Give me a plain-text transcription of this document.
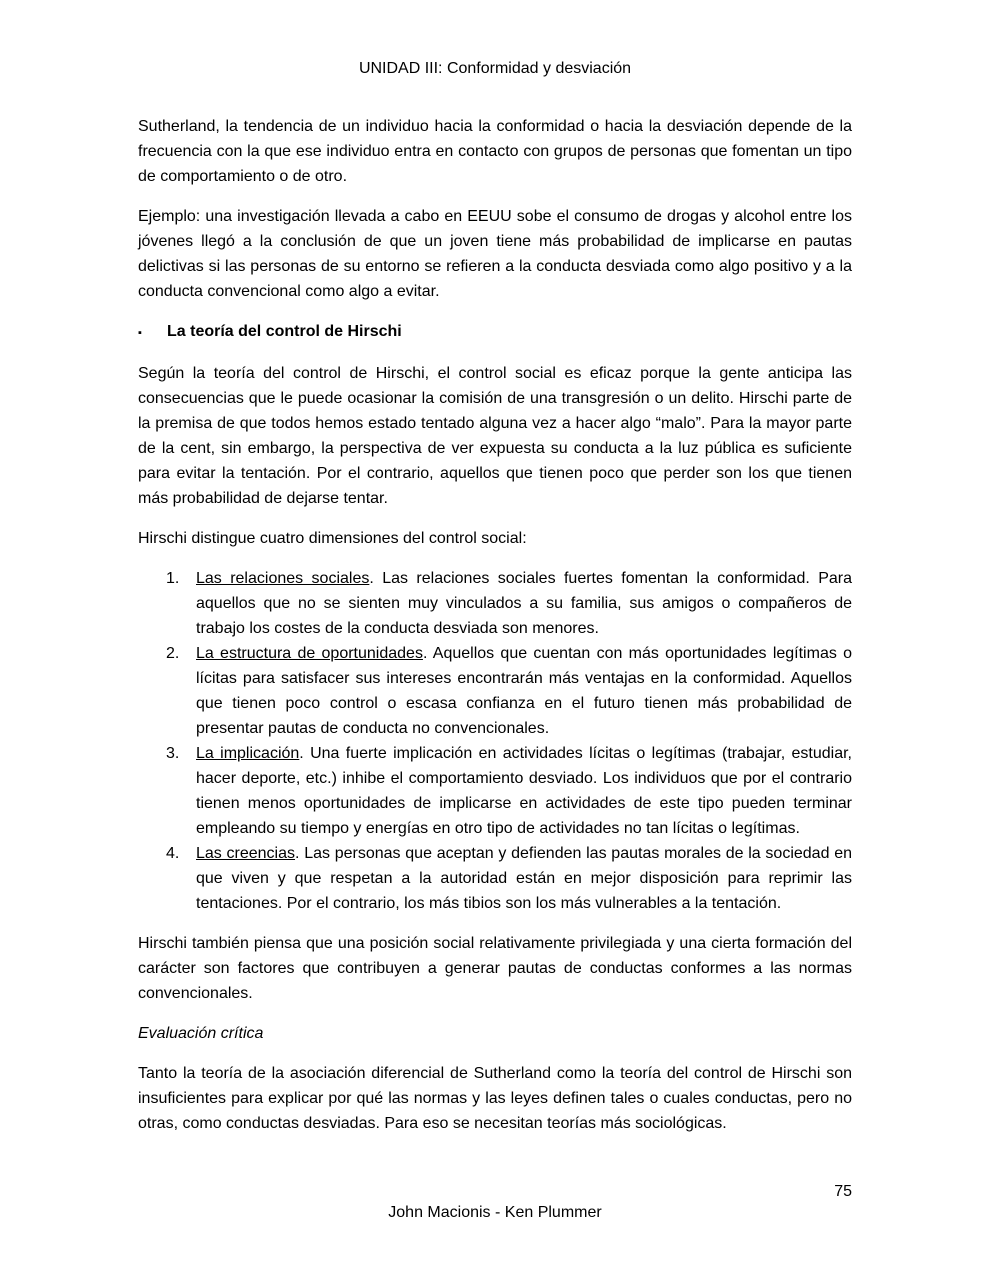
UNIDAD III: Conformidad y desviación

Sutherland, la tendencia de un individuo hacia la conformidad o hacia la desviación depende de la frecuencia con la que ese individuo entra en contacto con grupos de personas que fomentan un tipo de comportamiento o de otro.

Ejemplo: una investigación llevada a cabo en EEUU sobe el consumo de drogas y alcohol entre los jóvenes llegó a la conclusión de que un joven tiene más probabilidad de implicarse en pautas delictivas si las personas de su entorno se refieren a la conducta desviada como algo positivo y a la conducta convencional como algo a evitar.

▪	La teoría del control de Hirschi

Según la teoría del control de Hirschi, el control social es eficaz porque la gente anticipa las consecuencias que le puede ocasionar la comisión de una transgresión o un delito. Hirschi parte de la premisa de que todos hemos estado tentado alguna vez a hacer algo “malo”. Para la mayor parte de la cent, sin embargo, la perspectiva de ver expuesta su conducta a la luz pública es suficiente para evitar la tentación. Por el contrario, aquellos que tienen poco que perder son los que tienen más probabilidad de dejarse tentar.

Hirschi distingue cuatro dimensiones del control social:

1. Las relaciones sociales. Las relaciones sociales fuertes fomentan la conformidad. Para aquellos que no se sienten muy vinculados a su familia, sus amigos o compañeros de trabajo los costes de la conducta desviada son menores.
2. La estructura de oportunidades. Aquellos que cuentan con más oportunidades legítimas o lícitas para satisfacer sus intereses encontrarán más ventajas en la conformidad. Aquellos que tienen poco control o escasa confianza en el futuro tienen más probabilidad de presentar pautas de conducta no convencionales.
3. La implicación. Una fuerte implicación en actividades lícitas o legítimas (trabajar, estudiar, hacer deporte, etc.) inhibe el comportamiento desviado. Los individuos que por el contrario tienen menos oportunidades de implicarse en actividades de este tipo pueden terminar empleando su tiempo y energías en otro tipo de actividades no tan lícitas o legítimas.
4. Las creencias. Las personas que aceptan y defienden las pautas morales de la sociedad en que viven y que respetan a la autoridad están en mejor disposición para reprimir las tentaciones. Por el contrario, los más tibios son los más vulnerables a la tentación.

Hirschi también piensa que una posición social relativamente privilegiada y una cierta formación del carácter son factores que contribuyen a generar pautas de conductas conformes a las normas convencionales.

Evaluación crítica

Tanto la teoría de la asociación diferencial de Sutherland como la teoría del control de Hirschi son insuficientes para explicar por qué las normas y las leyes definen tales o cuales conductas, pero no otras, como conductas desviadas. Para eso se necesitan teorías más sociológicas.

75
John Macionis - Ken Plummer
